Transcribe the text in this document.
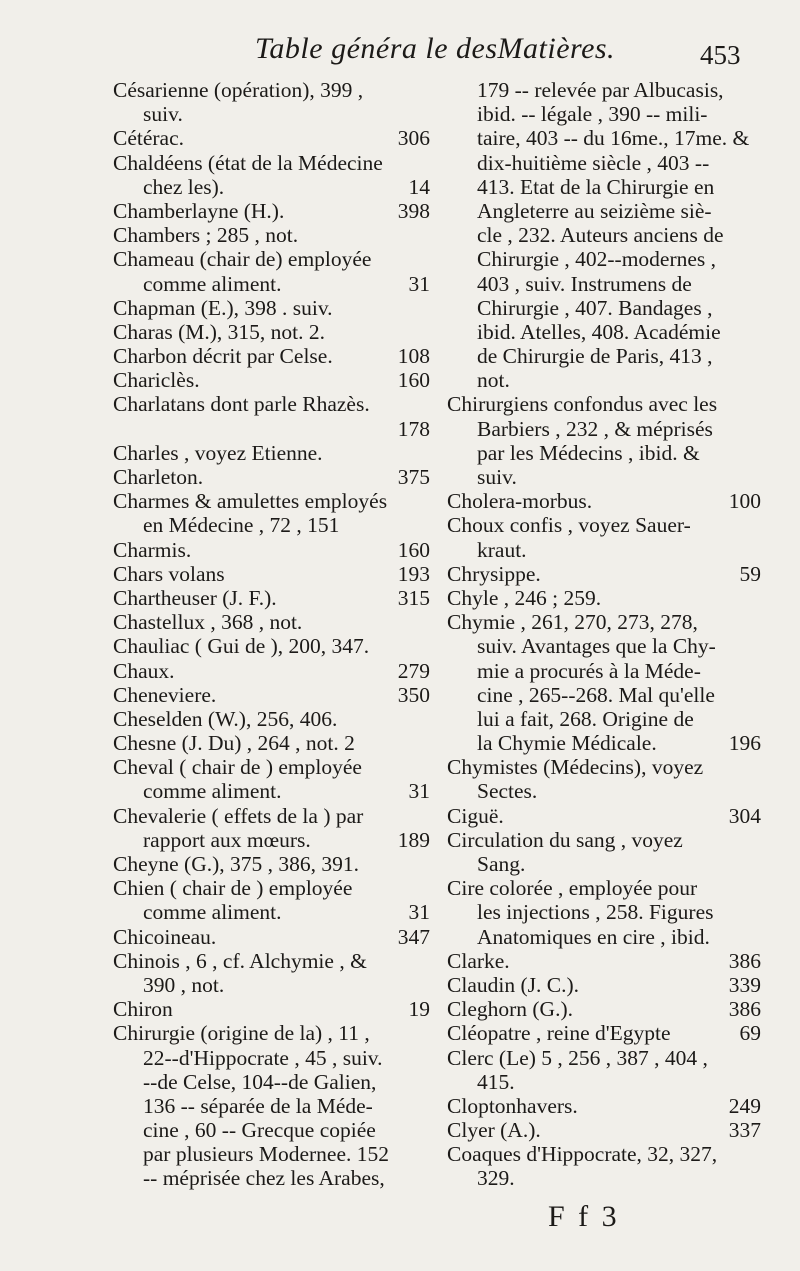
Table généra le desMatières.	453
Césarienne (opération), 399 ,
suiv.
Cétérac.	306
Chaldéens (état de la Médecine
chez les).	14
Chamberlayne (H.).	398
Chambers ; 285 , not.
Chameau (chair de) employée
comme aliment.	31
Chapman (E.), 398 . suiv.
Charas (M.), 315, not. 2.
Charbon décrit par Celse.	108
Chariclès.	160
Charlatans dont parle Rhazès.
178
Charles , voyez Etienne.
Charleton.	375
Charmes & amulettes employés
en Médecine , 72 , 151
Charmis.	160
Chars volans	193
Chartheuser (J. F.).	315
Chastellux , 368 , not.
Chauliac ( Gui de ), 200, 347.
Chaux.	279
Cheneviere.	350
Cheselden (W.), 256, 406.
Chesne (J. Du) , 264 , not. 2
Cheval ( chair de ) employée
comme aliment.	31
Chevalerie ( effets de la ) par
rapport aux mœurs.	189
Cheyne (G.), 375 , 386, 391.
Chien ( chair de ) employée
comme aliment.	31
Chicoineau.	347
Chinois , 6 , cf. Alchymie , &
390 , not.
Chiron	19
Chirurgie (origine de la) , 11 ,
22--d'Hippocrate , 45 , suiv.
--de Celse, 104--de Galien,
136 -- séparée de la Méde-
cine , 60 -- Grecque copiée
par plusieurs Modernee. 152
-- méprisée chez les Arabes,
179 -- relevée par Albucasis,
ibid. -- légale , 390 -- mili-
taire, 403 -- du 16me., 17me. &
dix-huitième siècle , 403 --
413. Etat de la Chirurgie en
Angleterre au seizième siè-
cle , 232. Auteurs anciens de
Chirurgie , 402--modernes ,
403 , suiv. Instrumens de
Chirurgie , 407. Bandages ,
ibid. Atelles, 408. Académie
de Chirurgie de Paris, 413 ,
not.
Chirurgiens confondus avec les
Barbiers , 232 , & méprisés
par les Médecins , ibid. &
suiv.
Cholera-morbus.	100
Choux confis , voyez Sauer-
kraut.
Chrysippe.	59
Chyle , 246 ; 259.
Chymie , 261, 270, 273, 278,
suiv. Avantages que la Chy-
mie a procurés à la Méde-
cine , 265--268. Mal qu'elle
lui a fait, 268. Origine de
la Chymie Médicale.	196
Chymistes (Médecins), voyez
Sectes.
Ciguë.	304
Circulation du sang , voyez
Sang.
Cire colorée , employée pour
les injections , 258. Figures
Anatomiques en cire , ibid.
Clarke.	386
Claudin (J. C.).	339
Cleghorn (G.).	386
Cléopatre , reine d'Egypte	69
Clerc (Le) 5 , 256 , 387 , 404 ,
415.
Cloptonhavers.	249
Clyer (A.).	337
Coaques d'Hippocrate, 32, 327,
329.
F f 3
